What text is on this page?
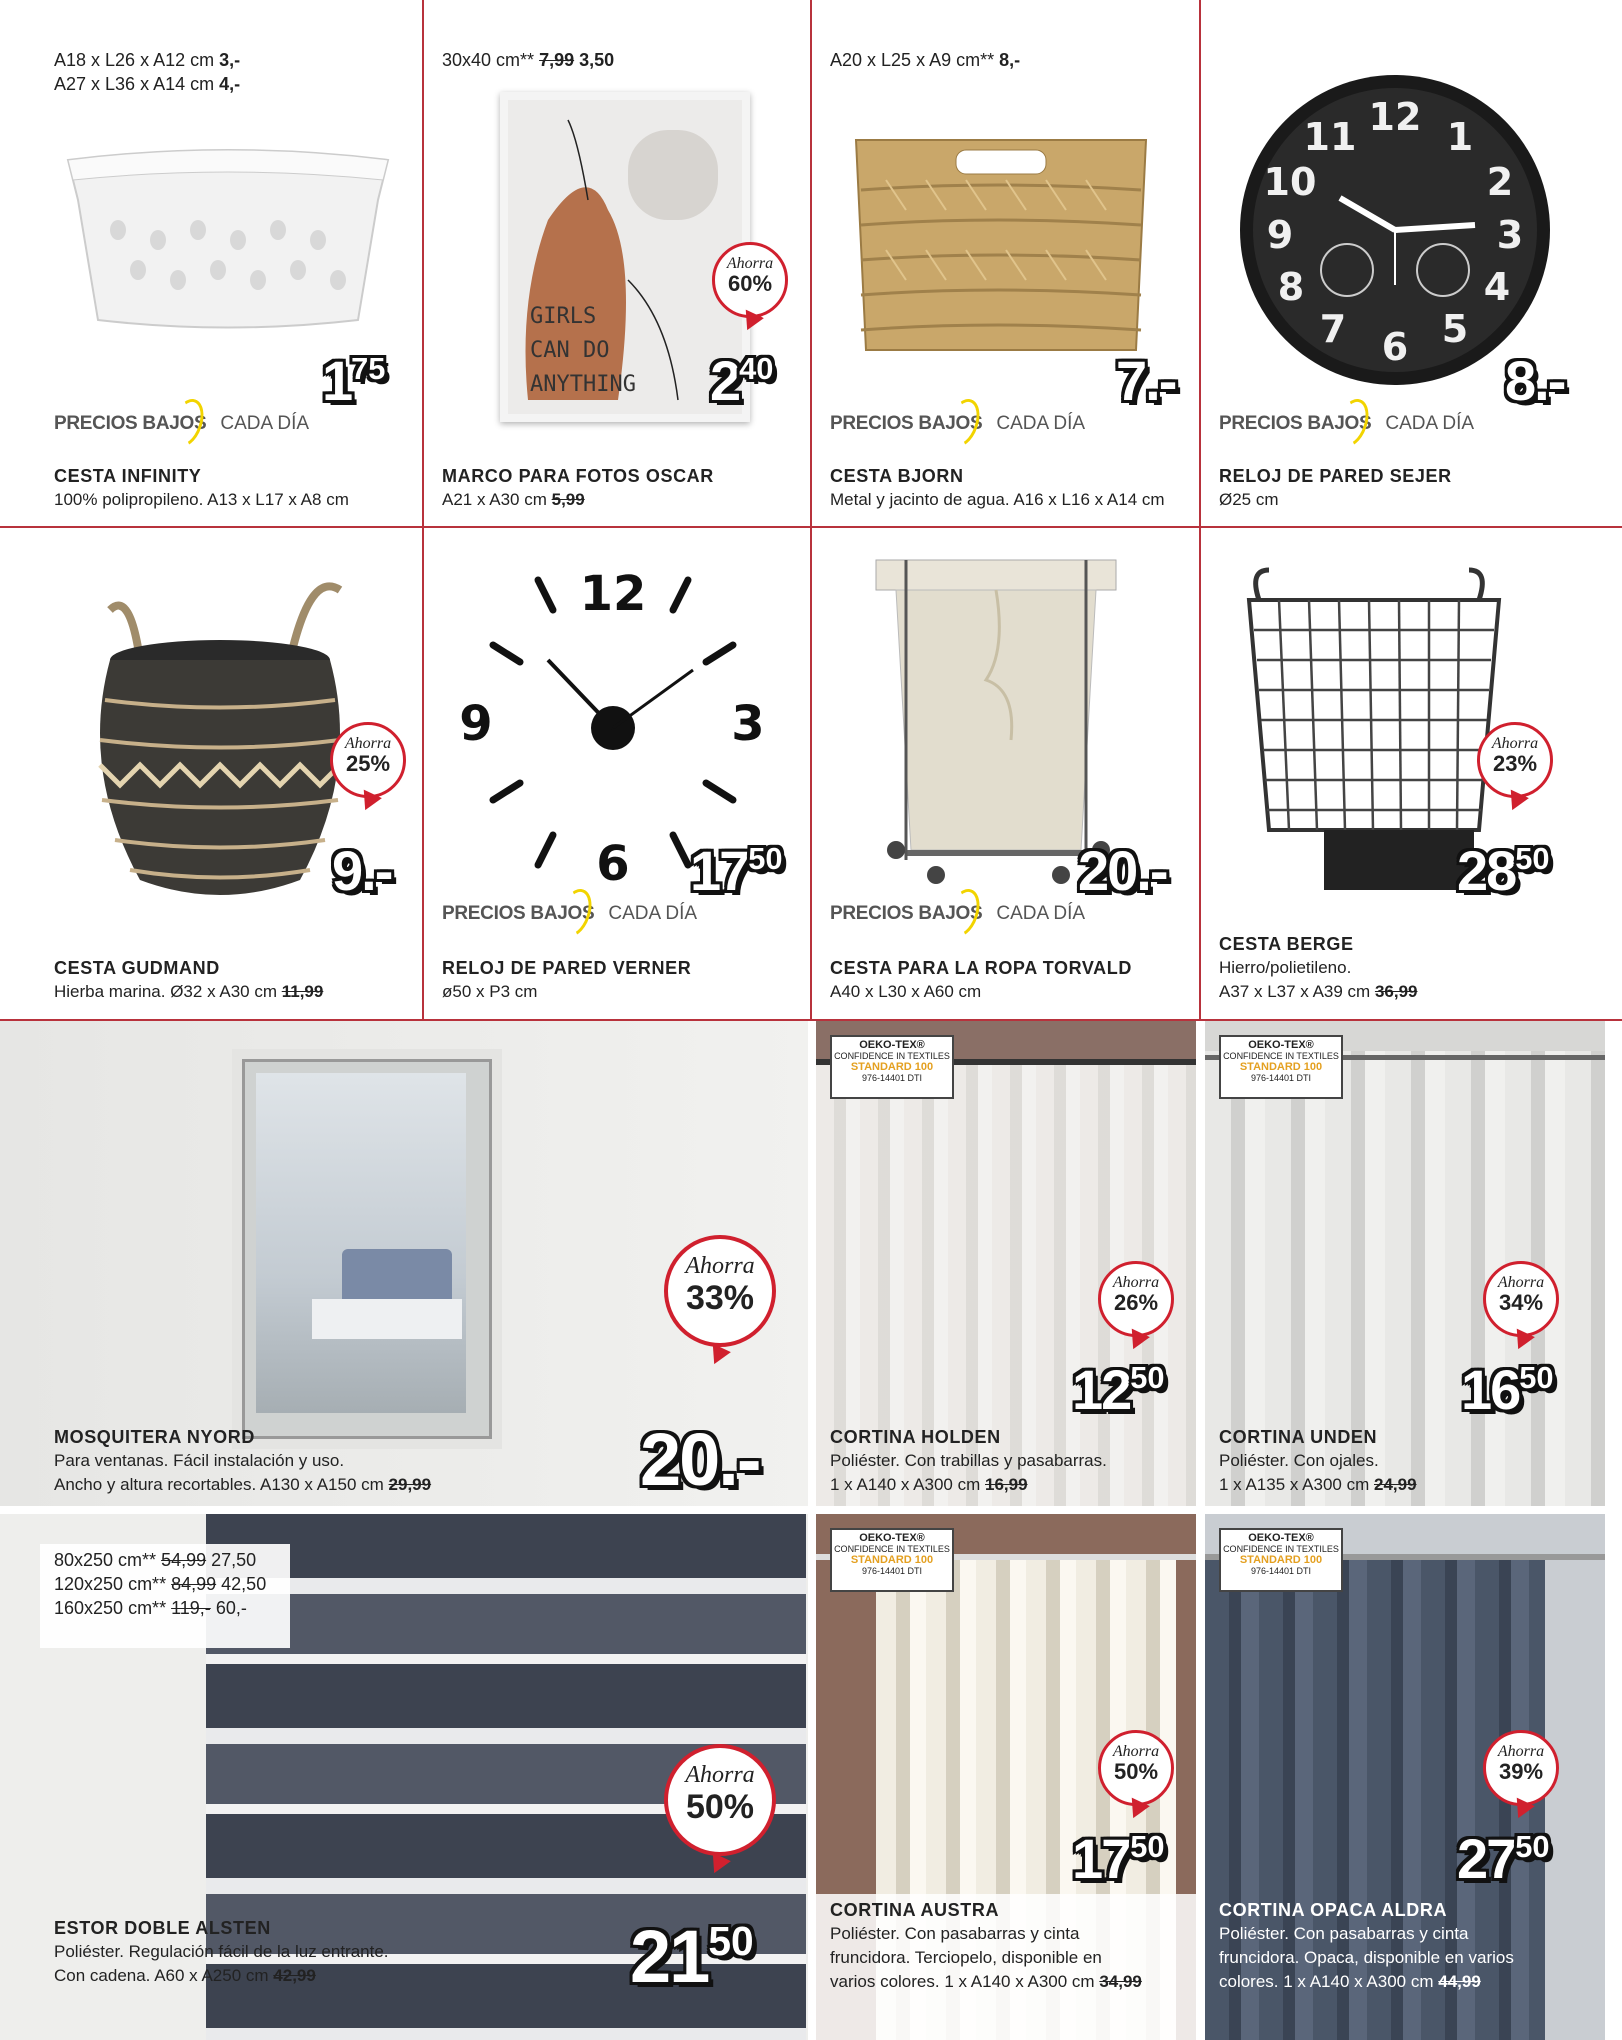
A18 x L26 x A12 cm 3,-
A27 x L36 x A14 cm 4,-
$1^{75}$
PRECIOS BAJOS CADA DÍA
CESTA INFINITY
100% polipropileno. A13 x L17 x A8 cm
30x40 cm** 7,99 3,50
GIRLS
CAN DO
ANYTHING
Ahorra
60%
$2^{40}$
MARCO PARA FOTOS OSCAR
A21 x A30 cm 5,99
A20 x L25 x A9 cm** 8,-
7.-
PRECIOS BAJOS CADA DÍA
CESTA BJORN
Metal y jacinto de agua. A16 x L16 x A14 cm
12 1
2
3
4
5
6
7
8
9
10
11
8.-
PRECIOS BAJOS CADA DÍA
RELOJ DE PARED SEJER
Ø25 cm
Ahorra
25%
9.-
CESTA GUDMAND
Hierba marina. Ø32 x A30 cm 11,99
12
3
6
9
$17^{50}$
PRECIOS BAJOS CADA DÍA
RELOJ DE PARED VERNER
ø50 x P3 cm
20.-
PRECIOS BAJOS CADA DÍA
CESTA PARA LA ROPA TORVALD
A40 x L30 x A60 cm
Ahorra
23%
$28^{50}$
CESTA BERGE
Hierro/polietileno.
A37 x L37 x A39 cm 36,99
Ahorra
33%
20.-
MOSQUITERA NYORD
Para ventanas. Fácil instalación y uso.
Ancho y altura recortables. A130 x A150 cm 29,99
OEKO-TEX®
CONFIDENCE IN TEXTILES
STANDARD 100
976-14401 DTI
Ahorra
26%
$12^{50}$
CORTINA HOLDEN
Poliéster. Con trabillas y pasabarras.
1 x A140 x A300 cm 16,99
OEKO-TEX®
CONFIDENCE IN TEXTILES
STANDARD 100
976-14401 DTI
Ahorra
34%
$16^{50}$
CORTINA UNDEN
Poliéster. Con ojales.
1 x A135 x A300 cm 24,99
80x250 cm** 54,99 27,50
120x250 cm** 84,99 42,50
160x250 cm** 119,- 60,-
Ahorra
50%
$21^{50}$
ESTOR DOBLE ALSTEN
Poliéster. Regulación fácil de la luz entrante.
Con cadena. A60 x A250 cm 42,99
OEKO-TEX®
CONFIDENCE IN TEXTILES
STANDARD 100
976-14401 DTI
Ahorra
50%
$17^{50}$
CORTINA AUSTRA
Poliéster. Con pasabarras y cinta
fruncidora. Terciopelo, disponible en
varios colores. 1 x A140 x A300 cm 34,99
OEKO-TEX®
CONFIDENCE IN TEXTILES
STANDARD 100
976-14401 DTI
Ahorra
39%
$27^{50}$
CORTINA OPACA ALDRA
Poliéster. Con pasabarras y cinta
fruncidora. Opaca, disponible en varios
colores. 1 x A140 x A300 cm 44,99
